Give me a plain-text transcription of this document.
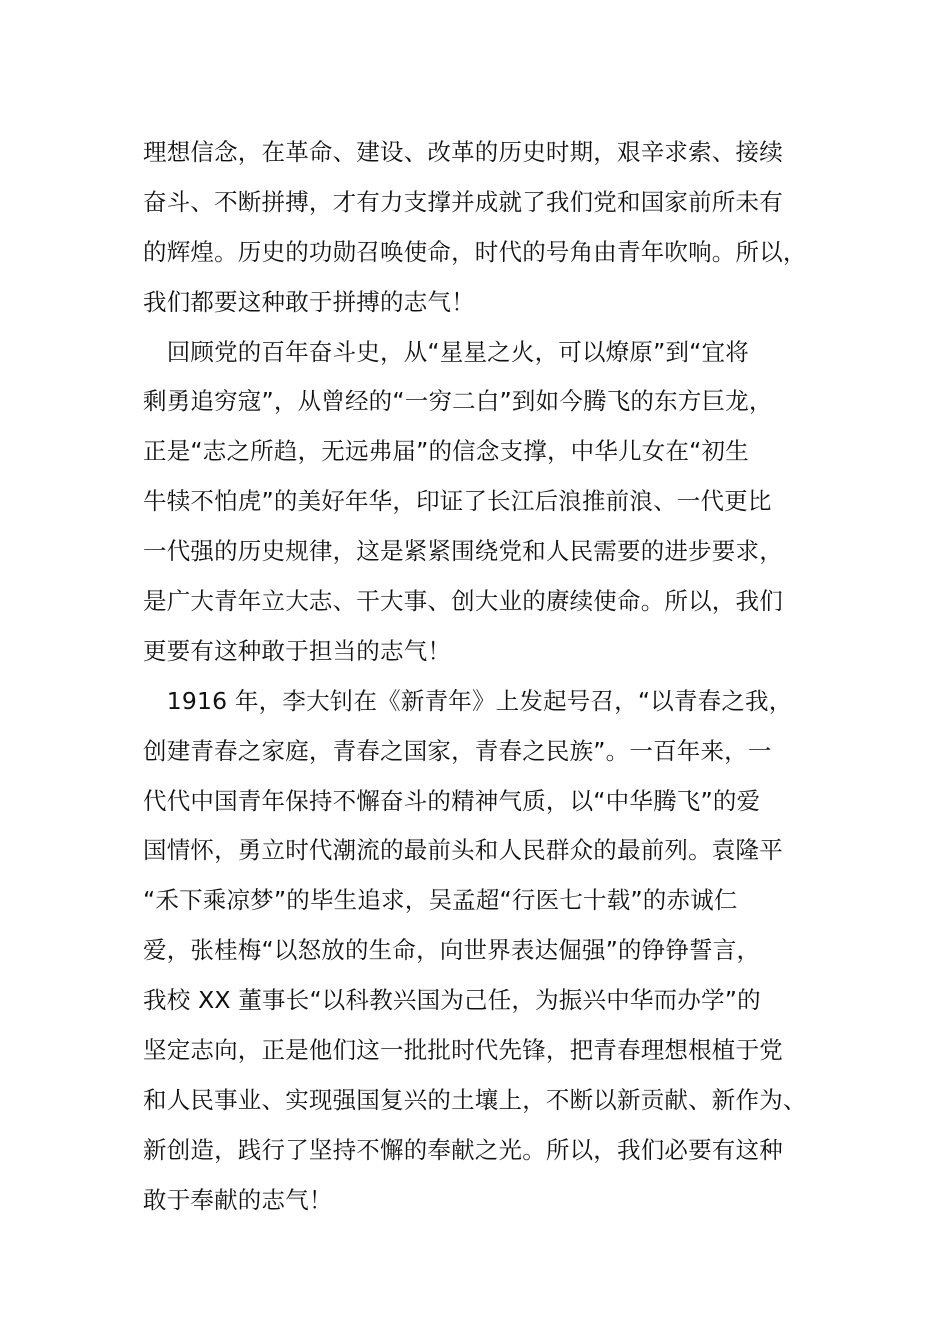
理想信念，在革命、建设、改革的历史时期，艰辛求索、接续
奋斗、不断拼搏，才有力支撑并成就了我们党和国家前所未有
的辉煌。历史的功勋召唤使命，时代的号角由青年吹响。所以，
我们都要这种敢于拼搏的志气！
　回顾党的百年奋斗史，从“星星之火，可以燎原”到“宜将
剩勇追穷寇”，从曾经的“一穷二白”到如今腾飞的东方巨龙，
正是“志之所趋，无远弗届”的信念支撑，中华儿女在“初生
牛犊不怕虎”的美好年华，印证了长江后浪推前浪、一代更比
一代强的历史规律，这是紧紧围绕党和人民需要的进步要求，
是广大青年立大志、干大事、创大业的赓续使命。所以，我们
更要有这种敢于担当的志气！
　1916 年，李大钊在《新青年》上发起号召，“以青春之我，
创建青春之家庭，青春之国家，青春之民族”。一百年来，一
代代中国青年保持不懈奋斗的精神气质，以“中华腾飞”的爱
国情怀，勇立时代潮流的最前头和人民群众的最前列。袁隆平
“禾下乘凉梦”的毕生追求，吴孟超“行医七十载”的赤诚仁
爱，张桂梅“以怒放的生命，向世界表达倔强”的铮铮誓言，
我校 XX 董事长“以科教兴国为己任，为振兴中华而办学”的
坚定志向，正是他们这一批批时代先锋，把青春理想根植于党
和人民事业、实现强国复兴的土壤上，不断以新贡献、新作为、
新创造，践行了坚持不懈的奉献之光。所以，我们必要有这种
敢于奉献的志气！
